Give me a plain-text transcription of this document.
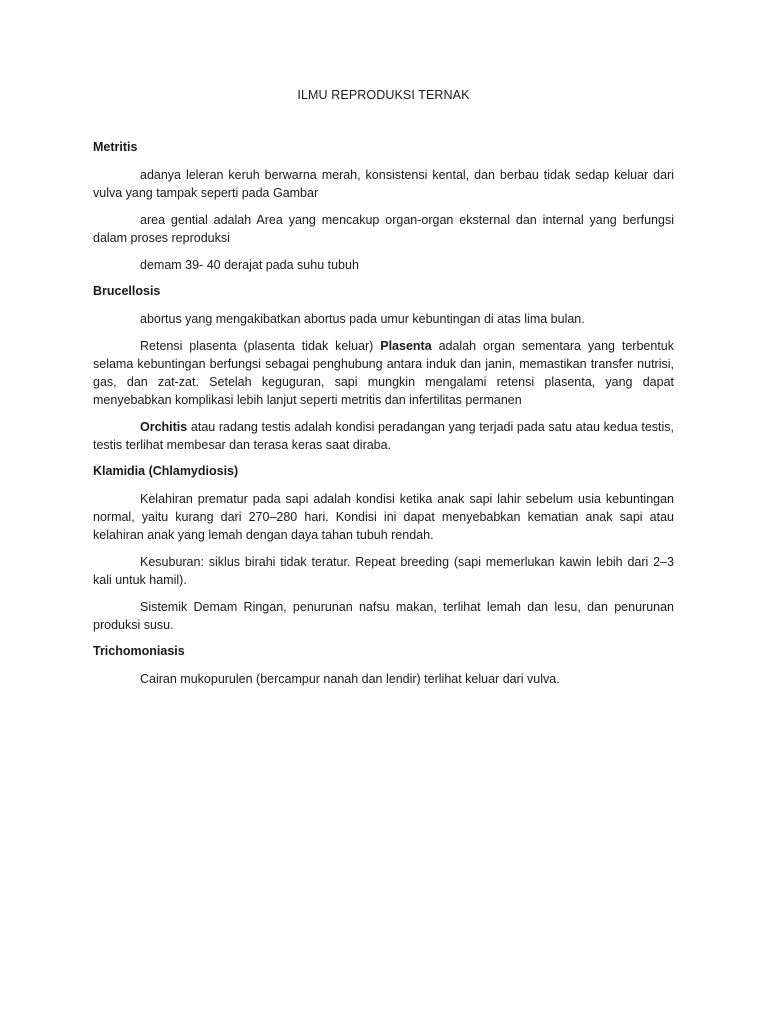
ILMU REPRODUKSI TERNAK
Metritis

adanya leleran keruh berwarna merah, konsistensi kental, dan berbau tidak sedap keluar dari vulva yang tampak seperti pada Gambar

area gential adalah Area yang mencakup organ-organ eksternal dan internal yang berfungsi dalam proses reproduksi

demam 39- 40 derajat pada suhu tubuh

Brucellosis

abortus yang mengakibatkan abortus pada umur kebuntingan di atas lima bulan.

Retensi plasenta (plasenta tidak keluar) Plasenta adalah organ sementara yang terbentuk selama kebuntingan berfungsi sebagai penghubung antara induk dan janin, memastikan transfer nutrisi, gas, dan zat-zat. Setelah keguguran, sapi mungkin mengalami retensi plasenta, yang dapat menyebabkan komplikasi lebih lanjut seperti metritis dan infertilitas permanen

Orchitis atau radang testis adalah kondisi peradangan yang terjadi pada satu atau kedua testis, testis terlihat membesar dan terasa keras saat diraba.

Klamidia (Chlamydiosis)

Kelahiran prematur pada sapi adalah kondisi ketika anak sapi lahir sebelum usia kebuntingan normal, yaitu kurang dari 270–280 hari. Kondisi ini dapat menyebabkan kematian anak sapi atau kelahiran anak yang lemah dengan daya tahan tubuh rendah.

Kesuburan: siklus birahi tidak teratur. Repeat breeding (sapi memerlukan kawin lebih dari 2–3 kali untuk hamil).

Sistemik Demam Ringan, penurunan nafsu makan, terlihat lemah dan lesu, dan penurunan produksi susu.

Trichomoniasis

Cairan mukopurulen (bercampur nanah dan lendir) terlihat keluar dari vulva.
